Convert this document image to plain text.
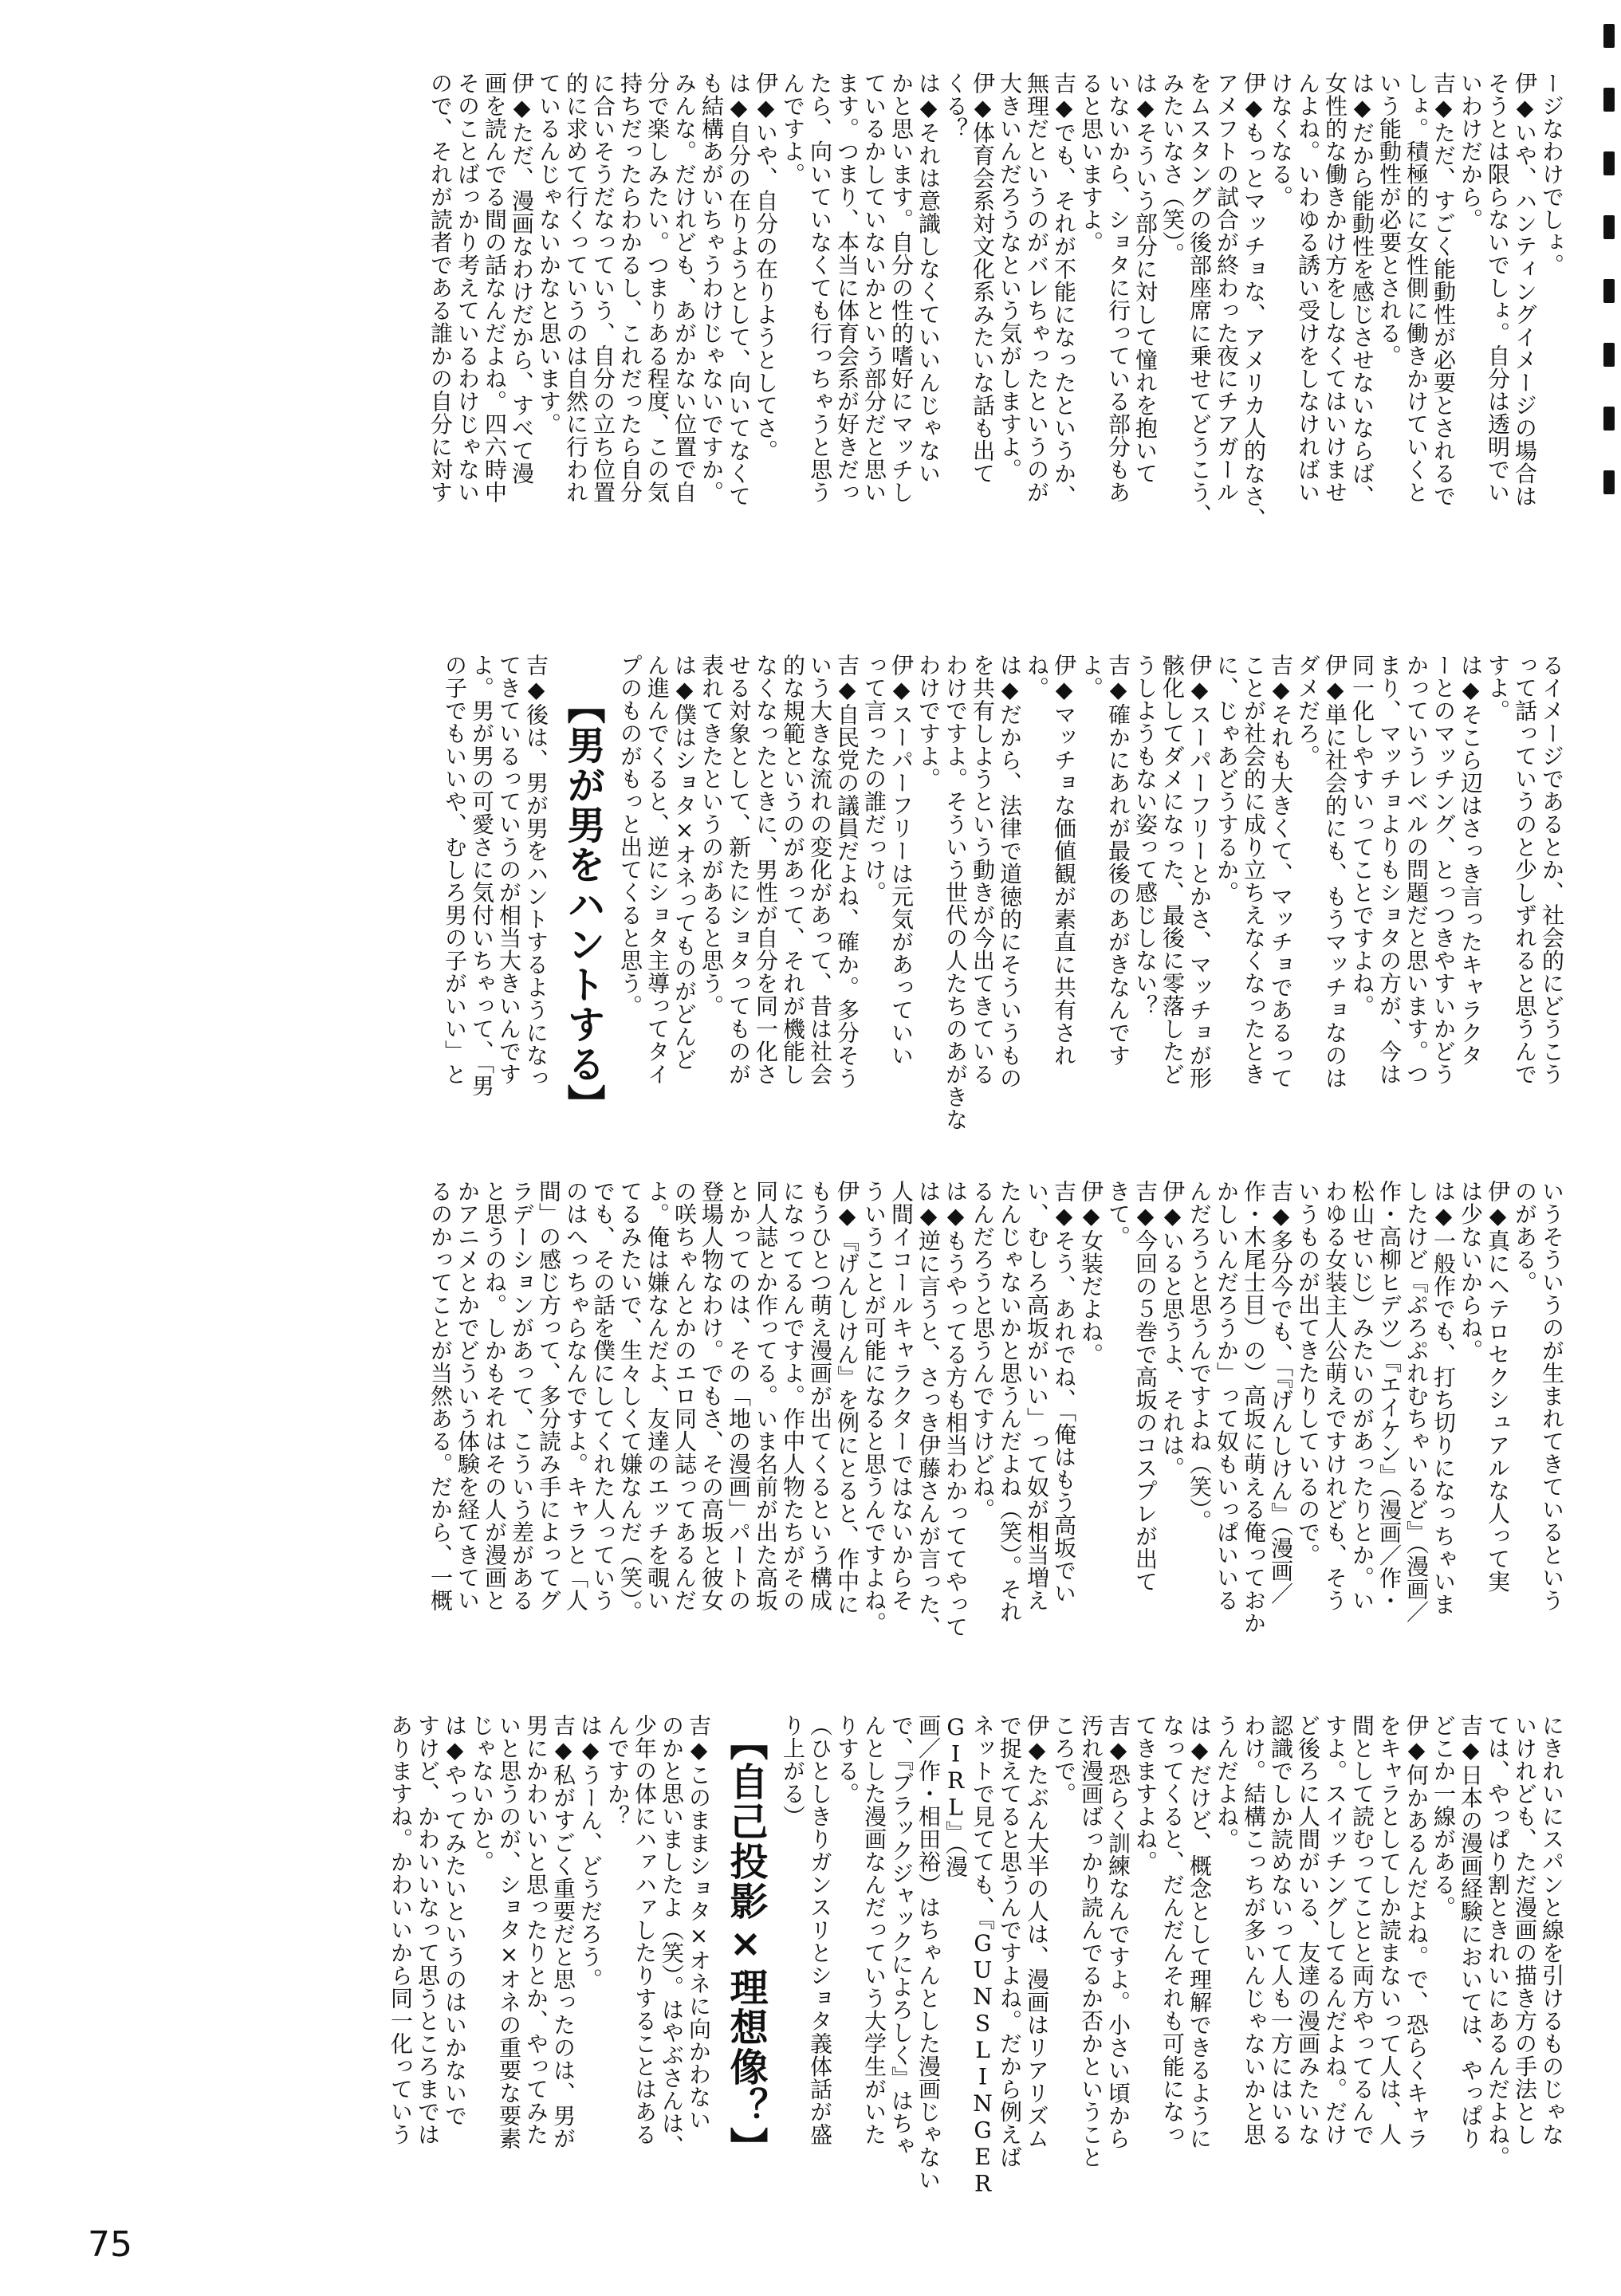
ージなわけでしょ。
伊◆いや、ハンティングイメージの場合は
そうとは限らないでしょ。自分は透明でい
いわけだから。
吉◆ただ、すごく能動性が必要とされるで
しょ。積極的に女性側に働きかけていくと
いう能動性が必要とされる。
は◆だから能動性を感じさせないならば、
女性的な働きかけ方をしなくてはいけませ
んよね。いわゆる誘い受けをしなければい
けなくなる。
伊◆もっとマッチョな、アメリカ人的なさ、
アメフトの試合が終わった夜にチアガール
をムスタングの後部座席に乗せてどうこう、
みたいなさ（笑）。
は◆そういう部分に対して憧れを抱いて
いないから、ショタに行っている部分もあ
ると思いますよ。
吉◆でも、それが不能になったというか、
無理だというのがバレちゃったというのが
大きいんだろうなという気がしますよ。
伊◆体育会系対文化系みたいな話も出て
くる？
は◆それは意識しなくていいんじゃない
かと思います。自分の性的嗜好にマッチし
ているかしていないかという部分だと思い
ます。つまり、本当に体育会系が好きだっ
たら、向いていなくても行っちゃうと思う
んですよ。
伊◆いや、自分の在りようとしてさ。
は◆自分の在りようとして、向いてなくて
も結構あがいちゃうわけじゃないですか。
みんな。だけれども、あがかない位置で自
分で楽しみたい。つまりある程度、この気
持ちだったらわかるし、これだったら自分
に合いそうだなっていう、自分の立ち位置
的に求めて行くっていうのは自然に行われ
ているんじゃないかなと思います。
伊◆ただ、漫画なわけだから、すべて漫
画を読んでる間の話なんだよね。四六時中
そのことばっかり考えているわけじゃない
ので、それが読者である誰かの自分に対す
るイメージであるとか、社会的にどうこう
って話っていうのと少しずれると思うんで
すよ。
は◆そこら辺はさっき言ったキャラクタ
ーとのマッチング、とっつきやすいかどう
かっていうレベルの問題だと思います。つ
まり、マッチョよりもショタの方が、今は
同一化しやすいってことですよね。
伊◆単に社会的にも、もうマッチョなのは
ダメだろ。
吉◆それも大きくて、マッチョであるって
ことが社会的に成り立ちえなくなったとき
に、じゃあどうするか。
伊◆スーパーフリーとかさ、マッチョが形
骸化してダメになった、最後に零落したど
うしようもない姿って感じしない？
吉◆確かにあれが最後のあがきなんです
よ。
伊◆マッチョな価値観が素直に共有され
ね。
は◆だから、法律で道徳的にそういうもの
を共有しようという動きが今出てきている
わけですよ。そういう世代の人たちのあがきな
わけですよ。
伊◆スーパーフリーは元気があっていい
って言ったの誰だっけ。
吉◆自民党の議員だよね、確か。多分そう
いう大きな流れの変化があって、昔は社会
的な規範というのがあって、それが機能し
なくなったときに、男性が自分を同一化さ
せる対象として、新たにショタってものが
表れてきたというのがあると思う。
は◆僕はショタ×オネってものがどんど
ん進んでくると、逆にショタ主導ってタイ
プのものがもっと出てくると思う。
【男が男をハントする】
吉◆後は、男が男をハントするようになっ
てきているっていうのが相当大きいんです
よ。男が男の可愛さに気付いちゃって、「男
の子でもいいや、むしろ男の子がいい」と
いうそういうのが生まれてきているという
のがある。
伊◆真にヘテロセクシュアルな人って実
は少ないからね。
は◆一般作でも、打ち切りになっちゃいま
したけど『ぷろぷれむちゃいるど』（漫画／
作・高柳ヒデツ）『エイケン』（漫画／作・
松山せいじ）みたいのがあったりとか。い
わゆる女装主人公萌えですけれども、そう
いうものが出てきたりしているので。
吉◆多分今でも、「『げんしけん』（漫画／
作・木尾士目）の）高坂に萌える俺っておか
かしいんだろうか」って奴もいっぱいいる
んだろうと思うんですよね（笑）。
伊◆いると思うよ、それは。
吉◆今回の５巻で高坂のコスプレが出て
きて。
伊◆女装だよね。
吉◆そう、あれでね、「俺はもう高坂でい
い、むしろ高坂がいい」って奴が相当増え
たんじゃないかと思うんだよね（笑）。それ
るんだろうと思うんですけどね。
は◆もうやってる方も相当わかっててやって
は◆逆に言うと、さっき伊藤さんが言った、
人間イコールキャラクターではないからそ
ういうことが可能になると思うんですよね。
伊◆『げんしけん』を例にとると、作中に
もうひとつ萌え漫画が出てくるという構成
になってるんですよ。作中人物たちがその
同人誌とか作ってる。いま名前が出た高坂
とかってのは、その「地の漫画」パートの
登場人物なわけ。でもさ、その高坂と彼女
の咲ちゃんとかのエロ同人誌ってあるんだ
よ。俺は嫌なんだよ、友達のエッチを覗い
てるみたいで、生々しくて嫌なんだ（笑）。
でも、その話を僕にしてくれた人っていう
のはへっちゃらなんですよ。キャラと「人
間」の感じ方って、多分読み手によってグ
ラデーションがあって、こういう差がある
と思うのね。しかもそれはその人が漫画と
かアニメとかでどういう体験を経てきてい
るのかってことが当然ある。だから、一概
にきれいにスパンと線を引けるものじゃな
いけれども、ただ漫画の描き方の手法とし
ては、やっぱり割ときれいにあるんだよね。
吉◆日本の漫画経験においては、やっぱり
どこか一線がある。
伊◆何かあるんだよね。で、恐らくキャラ
をキャラとしてしか読まないって人は、人
間として読むってことと両方やってるんで
すよ。スイッチングしてるんだよね。だけ
ど後ろに人間がいる、友達の漫画みたいな
認識でしか読めないって人も一方にはいる
わけ。結構こっちが多いんじゃないかと思
うんだよね。
は◆だけど、概念として理解できるように
なってくると、だんだんそれも可能になっ
てきますよね。
吉◆恐らく訓練なんですよ。小さい頃から
汚れ漫画ばっかり読んでるか否かということ
ころで。
伊◆たぶん大半の人は、漫画はリアリズム
で捉えてると思うんですよね。だから例えば
ネットで見てても、『GUNSLINGER GIRL』（漫
画／作・相田裕）はちゃんとした漫画じゃない
で、『ブラックジャックによろしく』はちゃ
んとした漫画なんだっていう大学生がいた
りする。
（ひとしきりガンスリとショタ義体話が盛
り上がる）
【自己投影×理想像？】
吉◆このままショタ×オネに向かわない
のかと思いましたよ（笑）。はやぶさんは、
少年の体にハァハァしたりすることはある
んですか？
は◆うーん、どうだろう。
吉◆私がすごく重要だと思ったのは、男が
男にかわいいと思ったりとか、やってみた
いと思うのが、ショタ×オネの重要な要素
じゃないかと。
は◆やってみたいというのはいかないで
すけど、かわいいなって思うところまでは
ありますね。かわいいから同一化っていう
75
